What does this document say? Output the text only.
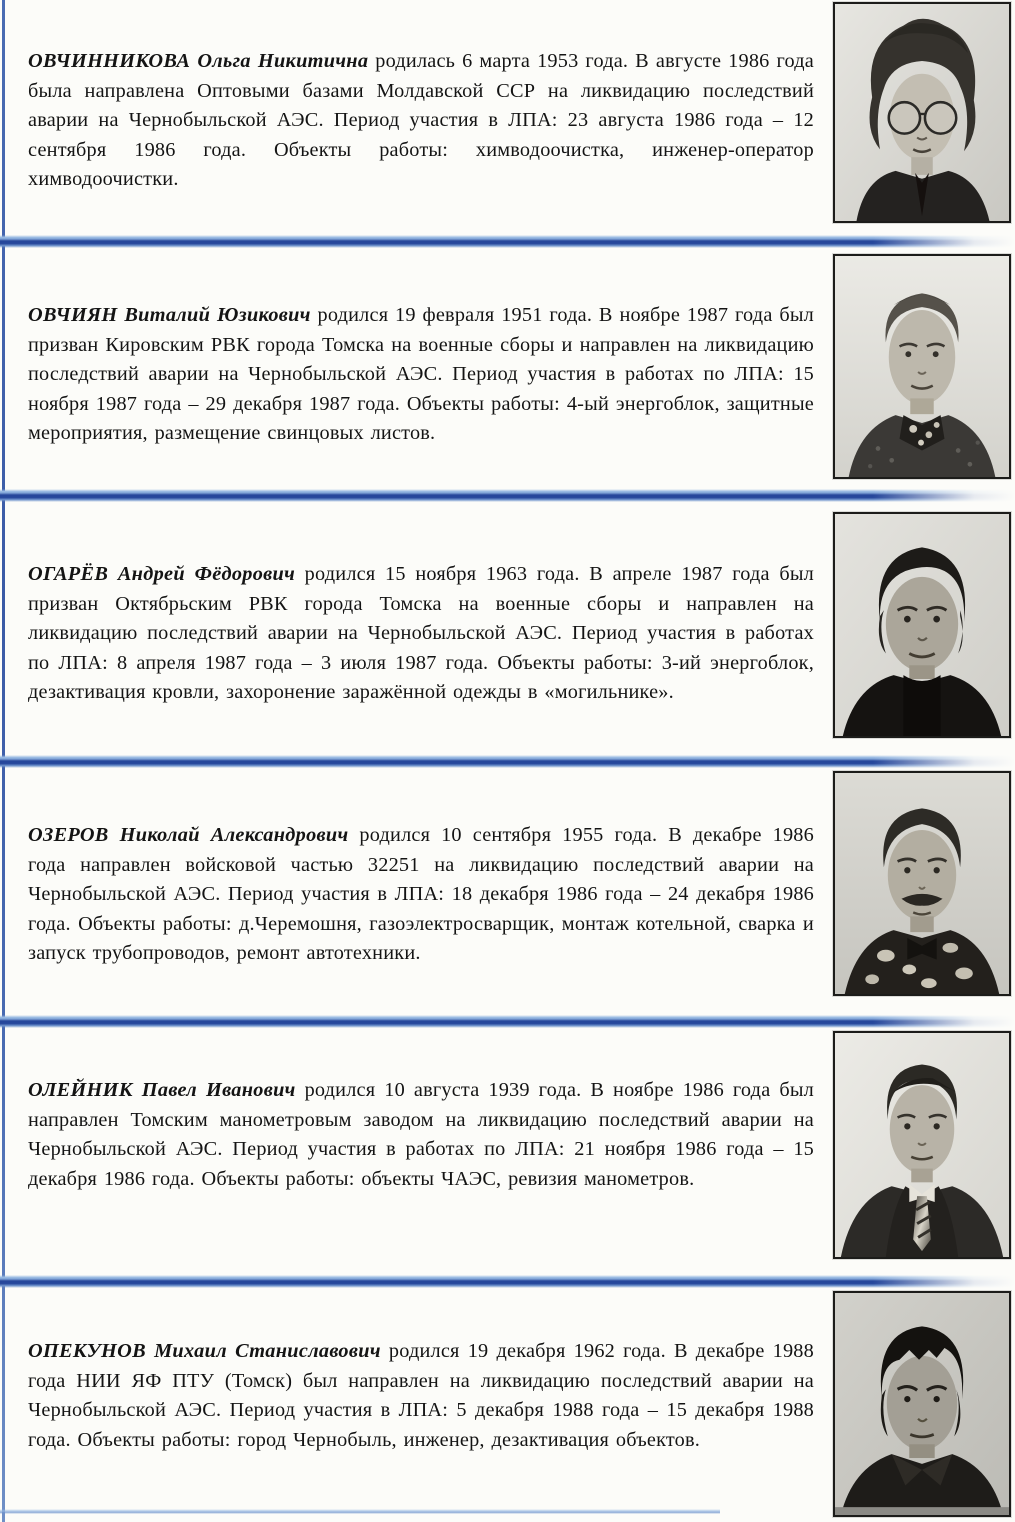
ОВЧИННИКОВА Ольга Никитична родилась 6 марта 1953 года. В августе 1986 года была направлена Оптовыми базами Молдавской ССР на ликвидацию последствий аварии на Чернобыльской АЭС. Период участия в ЛПА: 23 августа 1986 года – 12 сентября 1986 года. Объекты работы: химводоочистка, инженер-оператор химводоочистки.

ОВЧИЯН Виталий Юзикович родился 19 февраля 1951 года. В ноябре 1987 года был призван Кировским РВК города Томска на военные сборы и направлен на ликвидацию последствий аварии на Чернобыльской АЭС. Период участия в работах по ЛПА: 15 ноября 1987 года – 29 декабря 1987 года. Объекты работы: 4-ый энергоблок, защитные мероприятия, размещение свинцовых листов.

ОГАРЁВ Андрей Фёдорович родился 15 ноября 1963 года. В апреле 1987 года был призван Октябрьским РВК города Томска на военные сборы и направлен на ликвидацию последствий аварии на Чернобыльской АЭС. Период участия в работах по ЛПА: 8 апреля 1987 года – 3 июля 1987 года. Объекты работы: 3-ий энергоблок, дезактивация кровли, захоронение заражённой одежды в «могильнике».

ОЗЕРОВ Николай Александрович родился 10 сентября 1955 года. В декабре 1986 года направлен войсковой частью 32251 на ликвидацию последствий аварии на Чернобыльской АЭС. Период участия в ЛПА: 18 декабря 1986 года – 24 декабря 1986 года. Объекты работы: д.Черемошня, газоэлектросварщик, монтаж котельной, сварка и запуск трубопроводов, ремонт автотехники.

ОЛЕЙНИК Павел Иванович родился 10 августа 1939 года. В ноябре 1986 года был направлен Томским манометровым заводом на ликвидацию последствий аварии на Чернобыльской АЭС. Период участия в работах по ЛПА: 21 ноября 1986 года – 15 декабря 1986 года. Объекты работы: объекты ЧАЭС, ревизия манометров.

ОПЕКУНОВ Михаил Станиславович родился 19 декабря 1962 года. В декабре 1988 года НИИ ЯФ ПТУ (Томск) был направлен на ликвидацию последствий аварии на Чернобыльской АЭС. Период участия в ЛПА: 5 декабря 1988 года – 15 декабря 1988 года. Объекты работы: город Чернобыль, инженер, дезактивация объектов.
